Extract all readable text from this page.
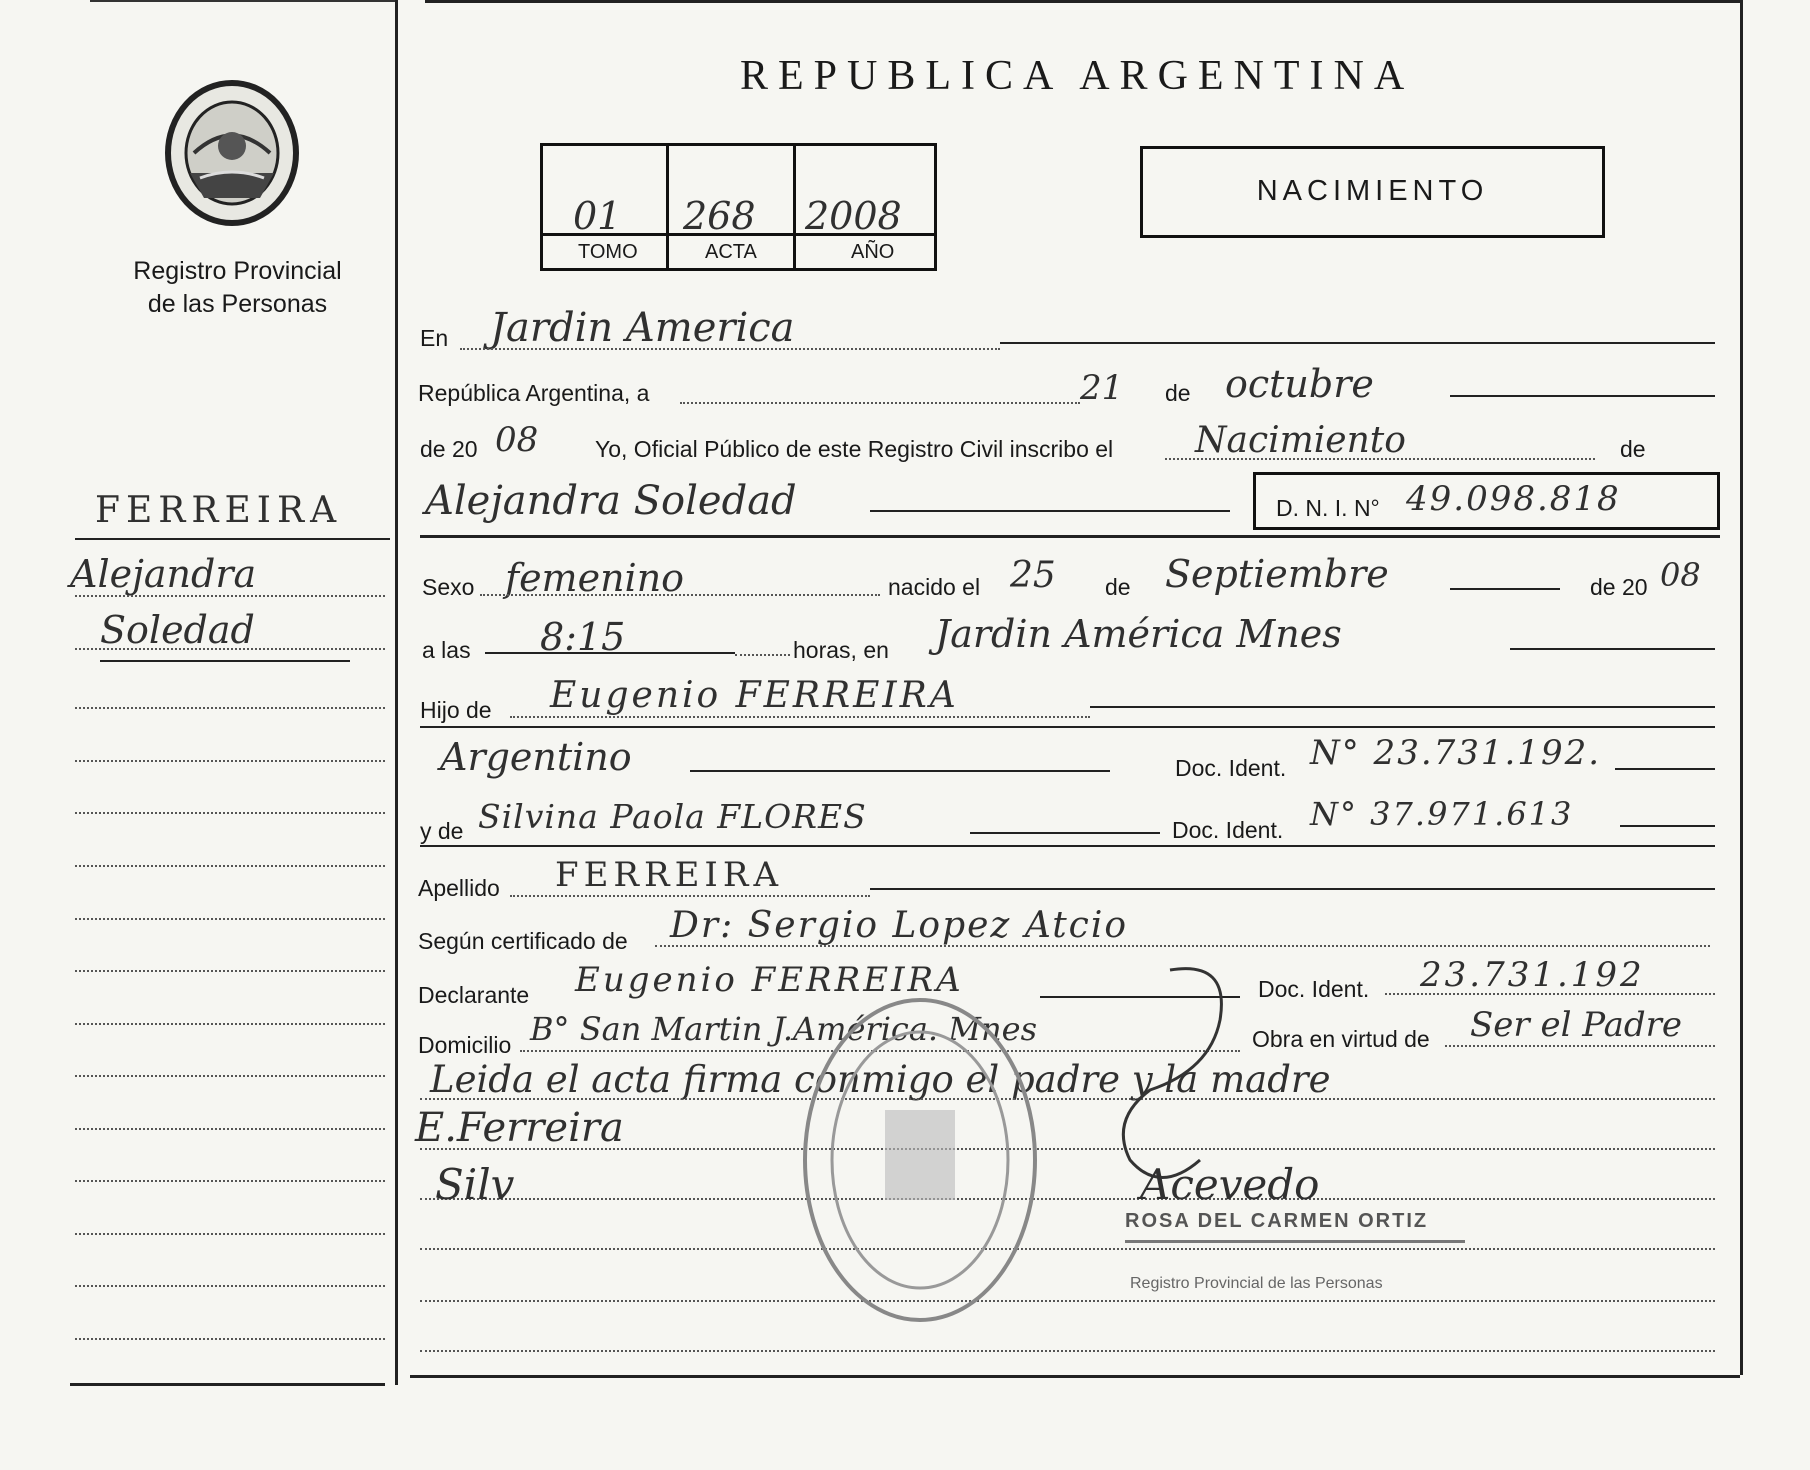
Registro Provincial
de las Personas
REPUBLICA ARGENTINA
01 268 2008
TOMO	ACTA	AÑO
NACIMIENTO
FERREIRA
Alejandra
Soledad
En Jardin America
República Argentina, a	21 de octubre
de 20 08 Yo, Oficial Público de este Registro Civil inscribo el Nacimiento	de
Alejandra Soledad	D. N. I. N° 49.098.818
Sexo femenino	nacido el 25 de Septiembre	de 20 08
a las 8:15	horas, en Jardin América Mnes
Hijo de Eugenio FERREIRA
Argentino	Doc. Ident. N° 23.731.192.
y de Silvina Paola FLORES	Doc. Ident. N° 37.971.613
Apellido FERREIRA
Según certificado de Dr: Sergio Lopez Atcio
Declarante Eugenio FERREIRA	Doc. Ident. 23.731.192
Domicilio B° San Martin J.América. Mnes	Obra en virtud de Ser el Padre
Leida el acta firma conmigo el padre y la madre
E.Ferreira
Silv	Acevedo
ROSA DEL CARMEN ORTIZ
Registro Provincial de las Personas
